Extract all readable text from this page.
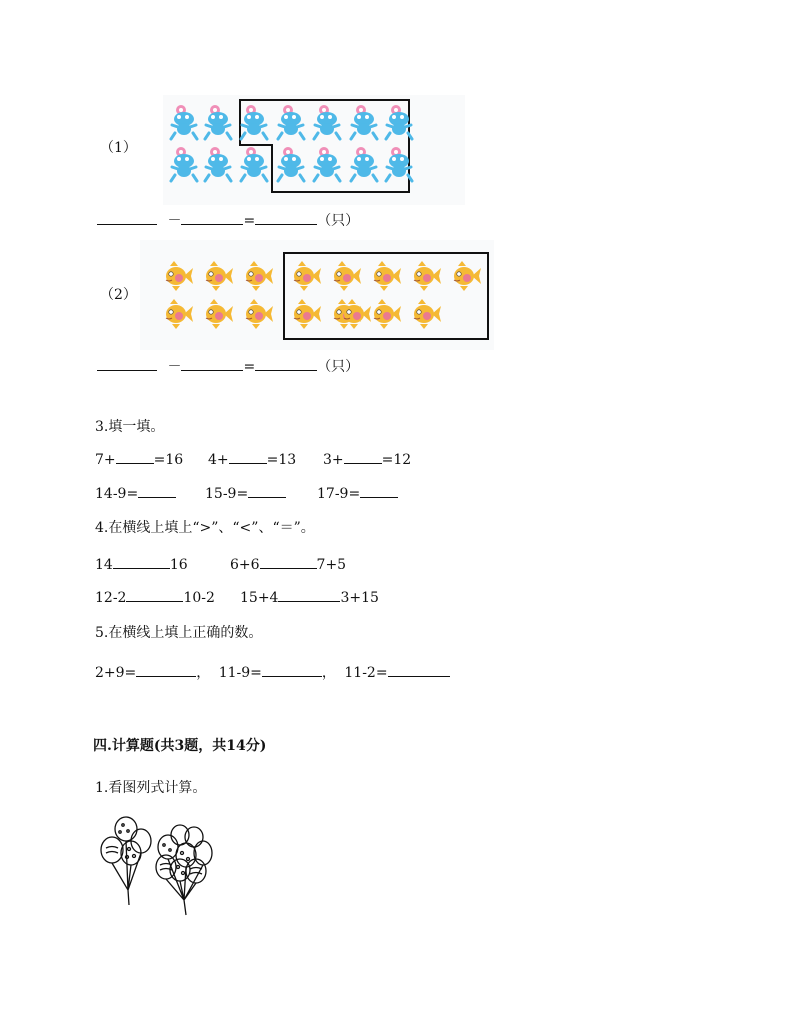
（1）
－	=	（只）
（2）
－	=	（只）
3.填一填。
7+	=16 4+	=13 3+	=12
14-9=	15-9=	17-9=
4.在横线上填上“>”、“<”、“＝”。
14	16	6+6	7+5
12-2	10-2 15+4	3+15
5.在横线上填上正确的数。
2+9=	， 11-9=	， 11-2=
四.计算题(共3题，共14分)
1.看图列式计算。
